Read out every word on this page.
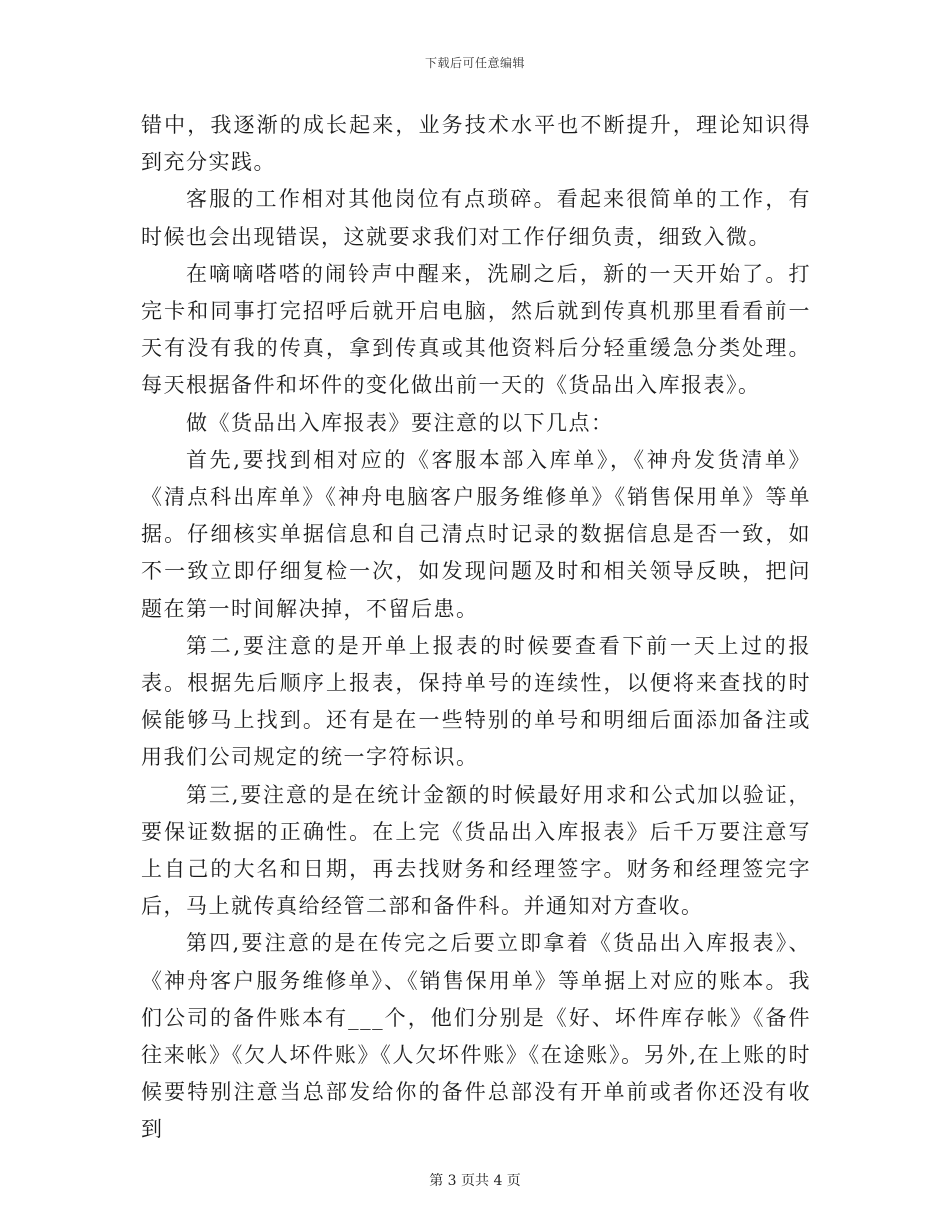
下载后可任意编辑

错中，我逐渐的成长起来，业务技术水平也不断提升，理论知识得到充分实践。

客服的工作相对其他岗位有点琐碎。看起来很简单的工作，有时候也会出现错误，这就要求我们对工作仔细负责，细致入微。

在嘀嘀嗒嗒的闹铃声中醒来，洗刷之后，新的一天开始了。打完卡和同事打完招呼后就开启电脑，然后就到传真机那里看看前一天有没有我的传真，拿到传真或其他资料后分轻重缓急分类处理。每天根据备件和坏件的变化做出前一天的《货品出入库报表》。

做《货品出入库报表》要注意的以下几点：

首先,要找到相对应的《客服本部入库单》，《神舟发货清单》《清点科出库单》《神舟电脑客户服务维修单》《销售保用单》等单据。仔细核实单据信息和自己清点时记录的数据信息是否一致，如不一致立即仔细复检一次，如发现问题及时和相关领导反映，把问题在第一时间解决掉，不留后患。

第二,要注意的是开单上报表的时候要查看下前一天上过的报表。根据先后顺序上报表，保持单号的连续性，以便将来查找的时候能够马上找到。还有是在一些特别的单号和明细后面添加备注或用我们公司规定的统一字符标识。

第三,要注意的是在统计金额的时候最好用求和公式加以验证，要保证数据的正确性。在上完《货品出入库报表》后千万要注意写上自己的大名和日期，再去找财务和经理签字。财务和经理签完字后，马上就传真给经管二部和备件科。并通知对方查收。

第四,要注意的是在传完之后要立即拿着《货品出入库报表》、《神舟客户服务维修单》、《销售保用单》等单据上对应的账本。我们公司的备件账本有___个，他们分别是《好、坏件库存帐》《备件往来帐》《欠人坏件账》《人欠坏件账》《在途账》。另外,在上账的时候要特别注意当总部发给你的备件总部没有开单前或者你还没有收到

第 3 页共 4 页
